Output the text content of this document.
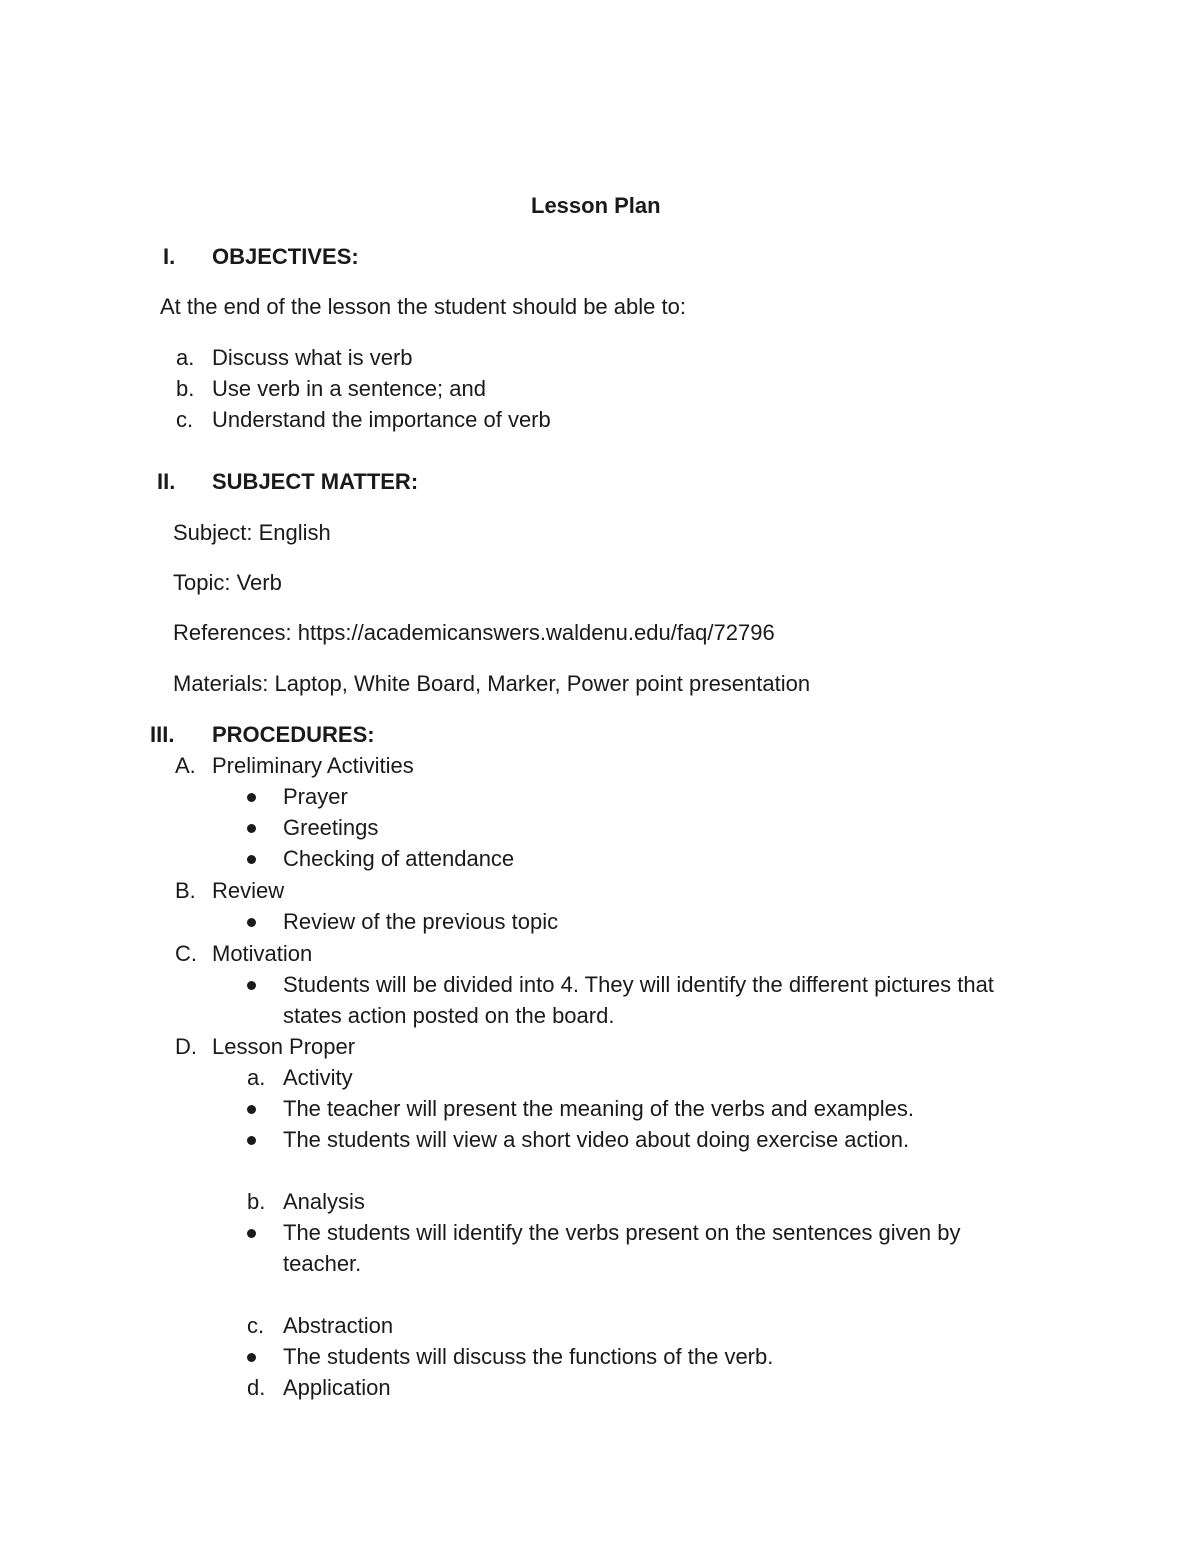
Lesson Plan
I. OBJECTIVES:
At the end of the lesson the student should be able to:
a. Discuss what is verb
b. Use verb in a sentence; and
c. Understand the importance of verb
II. SUBJECT MATTER:
Subject: English
Topic: Verb
References: https://academicanswers.waldenu.edu/faq/72796
Materials: Laptop, White Board, Marker, Power point presentation
III. PROCEDURES:
A. Preliminary Activities
Prayer
Greetings
Checking of attendance
B. Review
Review of the previous topic
C. Motivation
Students will be divided into 4. They will identify the different pictures that
states action posted on the board.
D. Lesson Proper
a. Activity
The teacher will present the meaning of the verbs and examples.
The students will view a short video about doing exercise action.
b. Analysis
The students will identify the verbs present on the sentences given by
teacher.
c. Abstraction
The students will discuss the functions of the verb.
d. Application
